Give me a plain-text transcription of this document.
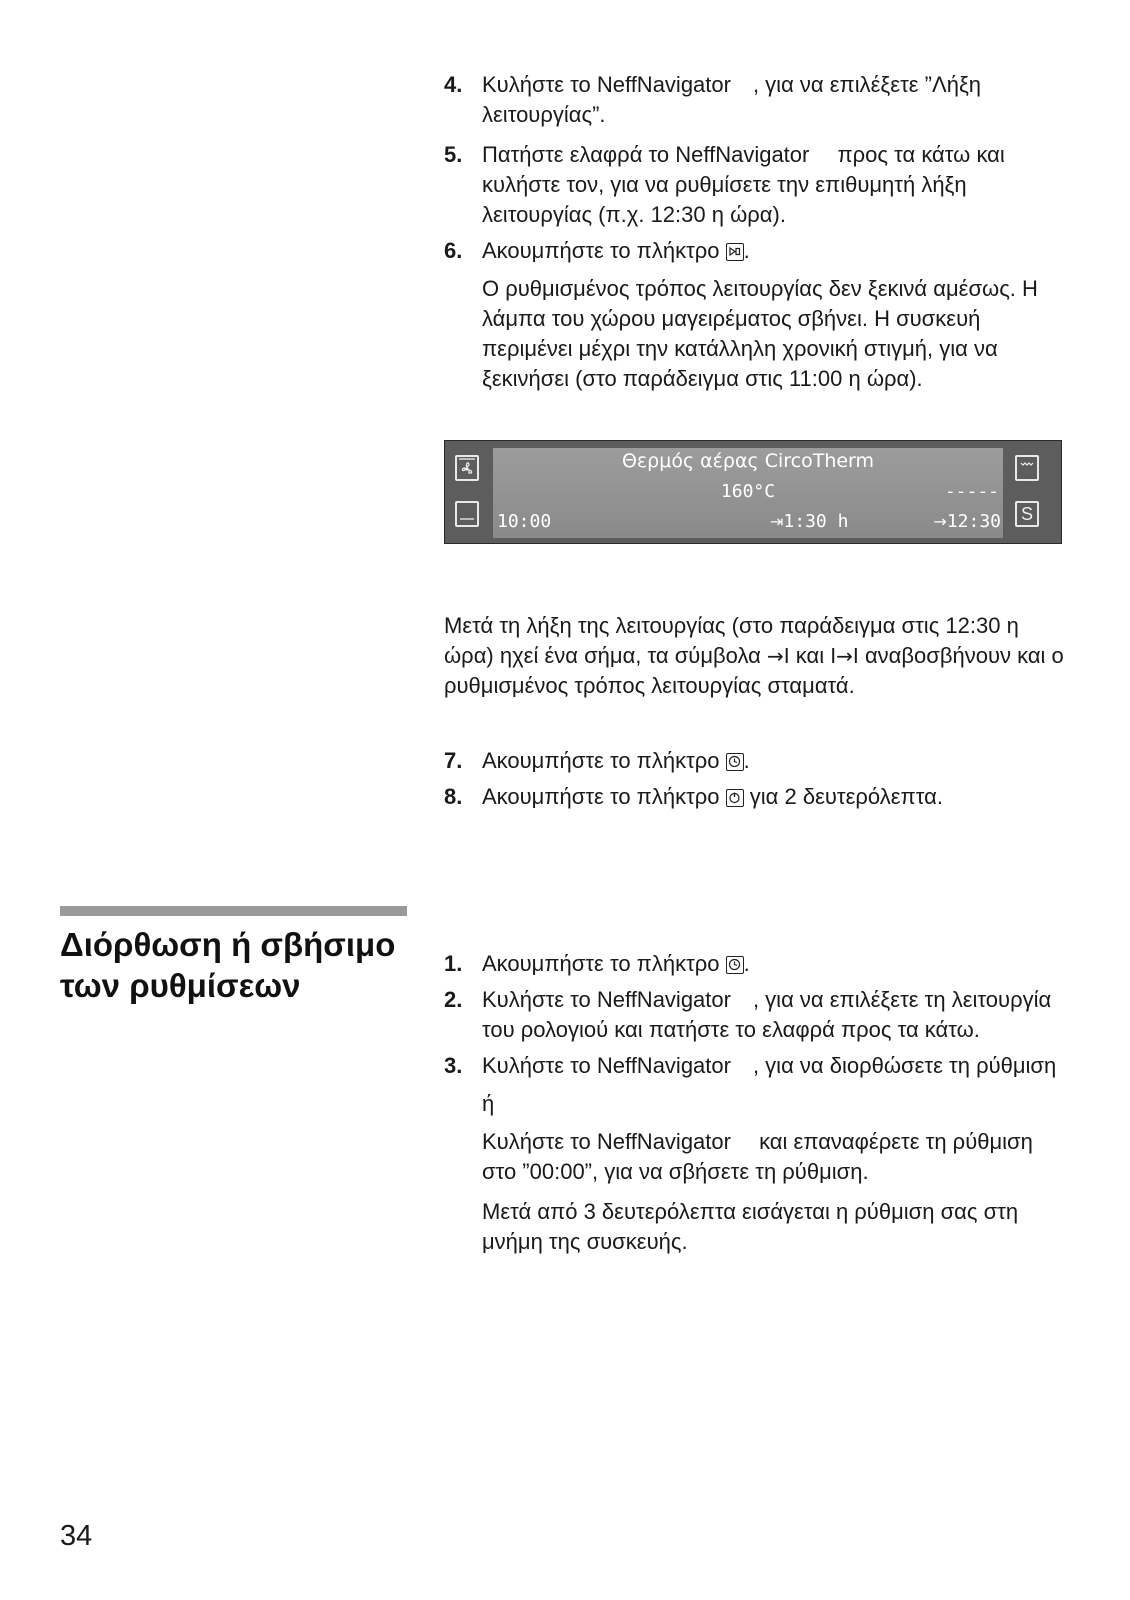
4. Κυλήστε το NeffNavigator , για να επιλέξετε ”Λήξη λειτουργίας”.
5. Πατήστε ελαφρά το NeffNavigator  προς τα κάτω και κυλήστε τον, για να ρυθμίσετε την επιθυμητή λήξη λειτουργίας (π.χ. 12:30 η ώρα).
6. Ακουμπήστε το πλήκτρο .
Ο ρυθμισμένος τρόπος λειτουργίας δεν ξεκινά αμέσως. Η λάμπα του χώρου μαγειρέματος σβήνει. Η συσκευή περιμένει μέχρι την κατάλληλη χρονική στιγμή, για να ξεκινήσει (στο παράδειγμα στις 11:00 η ώρα).
Θερμός αέρας CircoTherm
160°C	-----
10:00	⇥1:30 h	→12:30	S
Μετά τη λήξη της λειτουργίας (στο παράδειγμα στις 12:30 η ώρα) ηχεί ένα σήμα, τα σύμβολα →I και I→I αναβοσβήνουν και ο ρυθμισμένος τρόπος λειτουργίας σταματά.
7. Ακουμπήστε το πλήκτρο .
8. Ακουμπήστε το πλήκτρο
για 2 δευτερόλεπτα.
Διόρθωση ή σβήσιμο των ρυθμίσεων
1. Ακουμπήστε το πλήκτρο .
2. Κυλήστε το NeffNavigator , για να επιλέξετε τη λειτουργία του ρολογιού και πατήστε το ελαφρά προς τα κάτω.
3. Κυλήστε το NeffNavigator , για να διορθώσετε τη ρύθμιση
ή
Κυλήστε το NeffNavigator  και επαναφέρετε τη ρύθμιση στο ”00:00”, για να σβήσετε τη ρύθμιση.
Μετά από 3 δευτερόλεπτα εισάγεται η ρύθμιση σας στη μνήμη της συσκευής.
34
